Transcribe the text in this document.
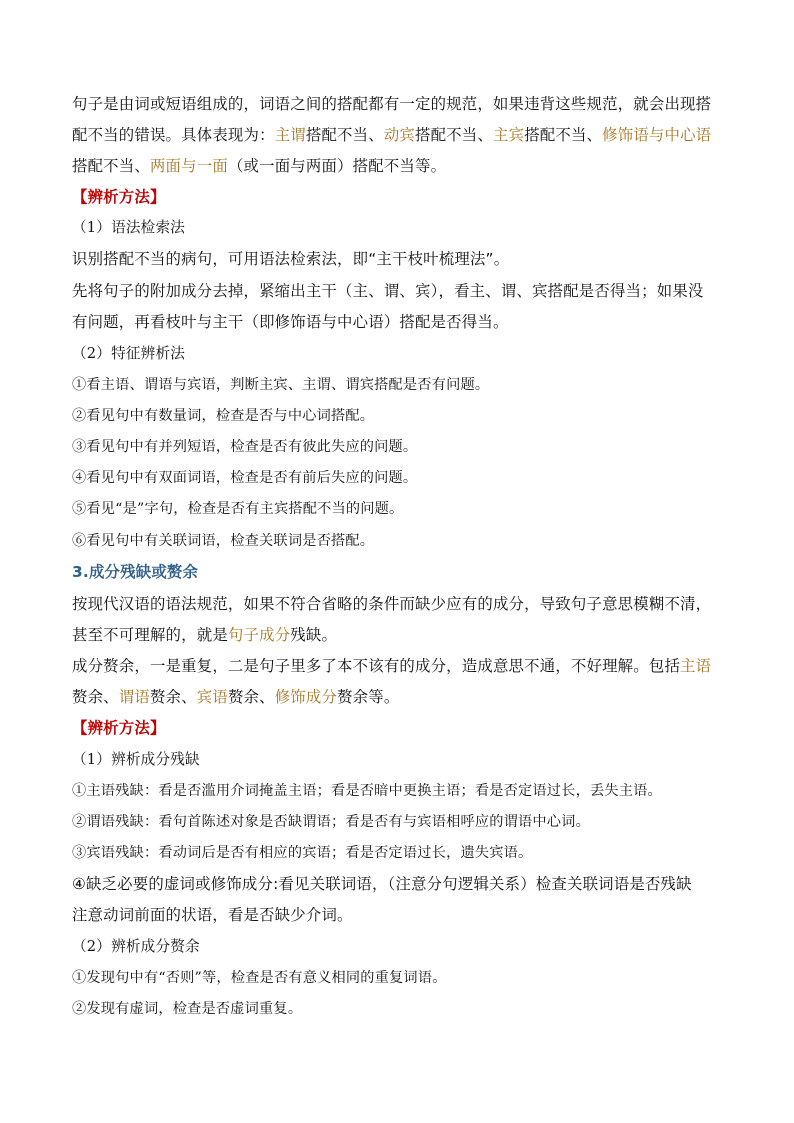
句子是由词或短语组成的，词语之间的搭配都有一定的规范，如果违背这些规范，就会出现搭
配不当的错误。具体表现为：主谓搭配不当、动宾搭配不当、主宾搭配不当、修饰语与中心语
搭配不当、两面与一面（或一面与两面）搭配不当等。
【辨析方法】
（1）语法检索法
识别搭配不当的病句，可用语法检索法，即“主干枝叶梳理法”。
先将句子的附加成分去掉，紧缩出主干（主、谓、宾），看主、谓、宾搭配是否得当；如果没
有问题，再看枝叶与主干（即修饰语与中心语）搭配是否得当。
（2）特征辨析法
①看主语、谓语与宾语，判断主宾、主谓、谓宾搭配是否有问题。
②看见句中有数量词，检查是否与中心词搭配。
③看见句中有并列短语，检查是否有彼此失应的问题。
④看见句中有双面词语，检查是否有前后失应的问题。
⑤看见“是”字句，检查是否有主宾搭配不当的问题。
⑥看见句中有关联词语，检查关联词是否搭配。
3.成分残缺或赘余
按现代汉语的语法规范，如果不符合省略的条件而缺少应有的成分，导致句子意思模糊不清，
甚至不可理解的，就是句子成分残缺。
成分赘余，一是重复，二是句子里多了本不该有的成分，造成意思不通，不好理解。包括主语
赘余、谓语赘余、宾语赘余、修饰成分赘余等。
【辨析方法】
（1）辨析成分残缺
①主语残缺：看是否滥用介词掩盖主语；看是否暗中更换主语；看是否定语过长，丢失主语。
②谓语残缺：看句首陈述对象是否缺谓语；看是否有与宾语相呼应的谓语中心词。
③宾语残缺：看动词后是否有相应的宾语；看是否定语过长，遗失宾语。
④缺乏必要的虚词或修饰成分:看见关联词语，（注意分句逻辑关系）检查关联词语是否残缺
注意动词前面的状语，看是否缺少介词。
（2）辨析成分赘余
①发现句中有“否则”等，检查是否有意义相同的重复词语。
②发现有虚词，检查是否虚词重复。
